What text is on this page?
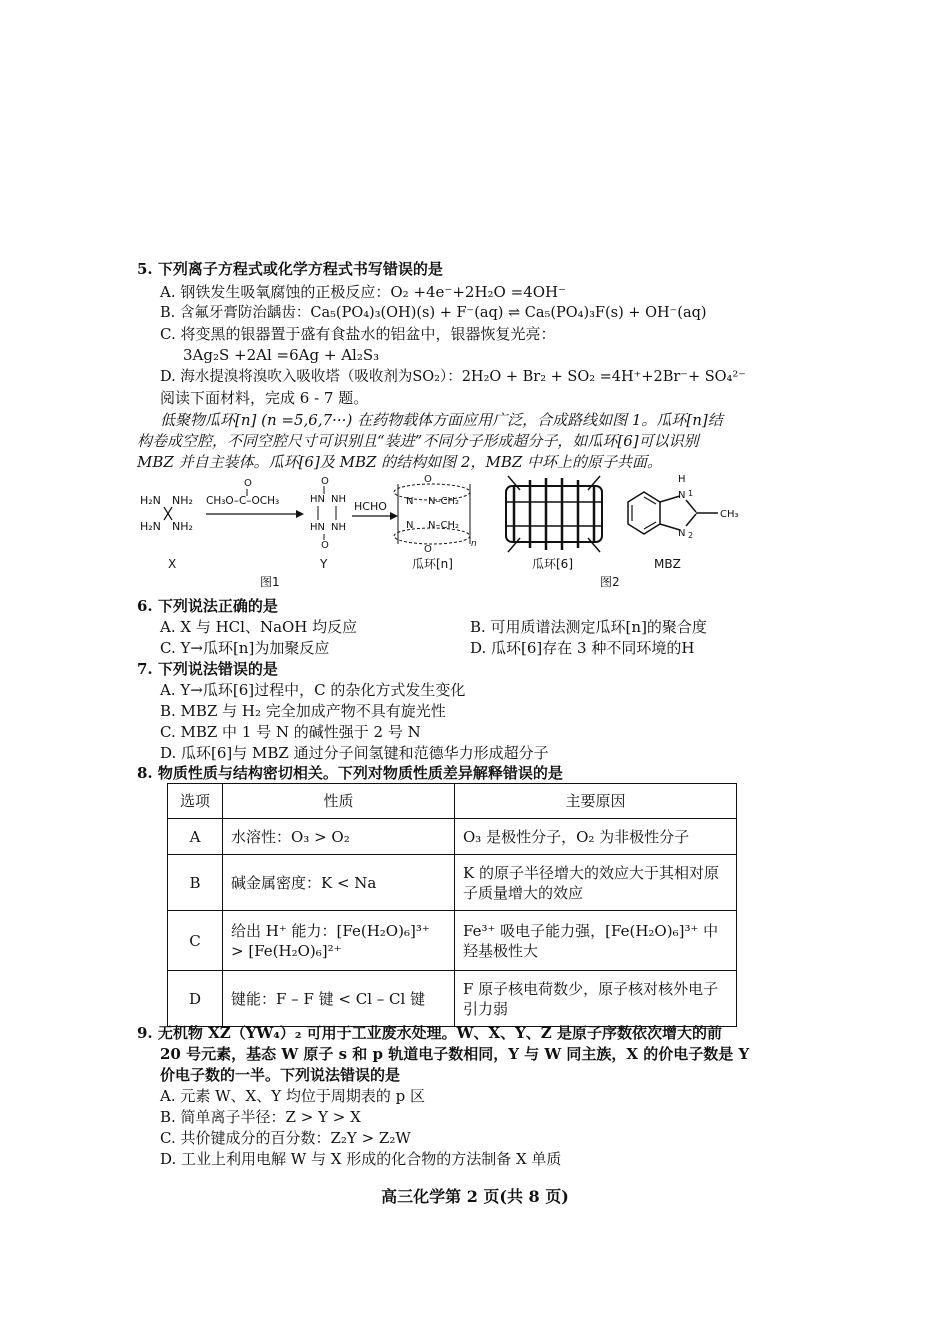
5. 下列离子方程式或化学方程式书写错误的是
A. 钢铁发生吸氧腐蚀的正极反应：O₂ +4e⁻+2H₂O =4OH⁻
B. 含氟牙膏防治龋齿：Ca₅(PO₄)₃(OH)(s) + F⁻(aq) ⇌ Ca₅(PO₄)₃F(s) + OH⁻(aq)
C. 将变黑的银器置于盛有食盐水的铝盆中，银器恢复光亮：
3Ag₂S +2Al =6Ag + Al₂S₃
D. 海水提溴将溴吹入吸收塔（吸收剂为SO₂）：2H₂O + Br₂ + SO₂ =4H⁺+2Br⁻+ SO₄²⁻
阅读下面材料，完成 6 - 7 题。
低聚物瓜环[n] (n =5,6,7···) 在药物载体方面应用广泛，合成路线如图 1。瓜环[n]结
构卷成空腔，不同空腔尺寸可识别且“装进”不同分子形成超分子，如瓜环[6]可以识别
MBZ 并自主装体。瓜环[6]及 MBZ 的结构如图 2，MBZ 中环上的原子共面。
H₂N NH₂
H₂N NH₂
CH₃O–C–OCH₃
O	O
HN NH
HN NH
O
HCHO
O
N N–CH₂
N N–CH₂
O	n
H
N 1
N 2
CH₃
X	Y	瓜环[n]	瓜环[6]	MBZ
图1	图2
6. 下列说法正确的是
A. X 与 HCl、NaOH 均反应	B. 可用质谱法测定瓜环[n]的聚合度
C. Y→瓜环[n]为加聚反应	D. 瓜环[6]存在 3 种不同环境的H
7. 下列说法错误的是
A. Y→瓜环[6]过程中，C 的杂化方式发生变化
B. MBZ 与 H₂ 完全加成产物不具有旋光性
C. MBZ 中 1 号 N 的碱性强于 2 号 N
D. 瓜环[6]与 MBZ 通过分子间氢键和范德华力形成超分子
8. 物质性质与结构密切相关。下列对物质性质差异解释错误的是
选项	性质	主要原因
A	水溶性：O₃ > O₂	O₃ 是极性分子，O₂ 为非极性分子
B	碱金属密度：K < Na	K 的原子半径增大的效应大于其相对原子质量增大的效应
C	给出 H⁺ 能力：[Fe(H₂O)₆]³⁺ > [Fe(H₂O)₆]²⁺	Fe³⁺ 吸电子能力强，[Fe(H₂O)₆]³⁺ 中羟基极性大
D	键能：F – F 键 < Cl – Cl 键	F 原子核电荷数少，原子核对核外电子引力弱
9. 无机物 XZ（YW₄）₂ 可用于工业废水处理。W、X、Y、Z 是原子序数依次增大的前
20 号元素，基态 W 原子 s 和 p 轨道电子数相同，Y 与 W 同主族，X 的价电子数是 Y
价电子数的一半。下列说法错误的是
A. 元素 W、X、Y 均位于周期表的 p 区
B. 简单离子半径：Z > Y > X
C. 共价键成分的百分数：Z₂Y > Z₂W
D. 工业上利用电解 W 与 X 形成的化合物的方法制备 X 单质
高三化学第 2 页(共 8 页)
